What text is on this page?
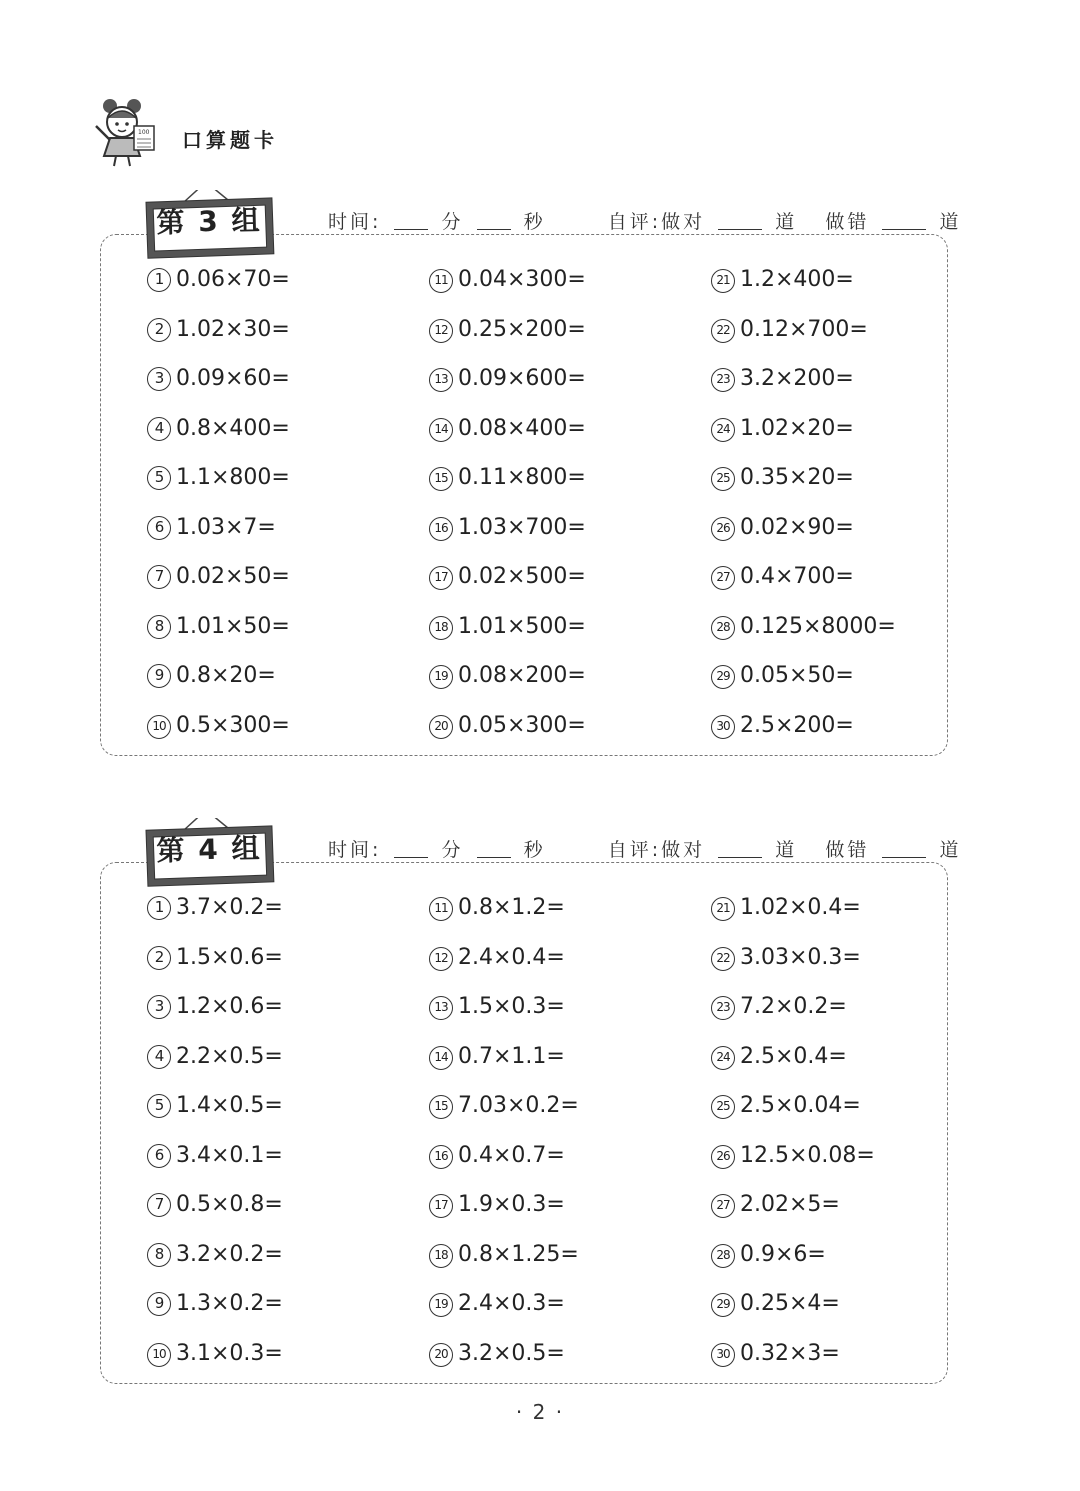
100 口算题卡
1 0.06×70=
2 1.02×30=
3 0.09×60=
4 0.8×400=
5 1.1×800=
6 1.03×7=
7 0.02×50=
8 1.01×50=
9 0.8×20=
10 0.5×300=
11 0.04×300=
12 0.25×200=
13 0.09×600=
14 0.08×400=
15 0.11×800=
16 1.03×700=
17 0.02×500=
18 1.01×500=
19 0.08×200=
20 0.05×300=
21 1.2×400=
22 0.12×700=
23 3.2×200=
24 1.02×20=
25 0.35×20=
26 0.02×90=
27 0.4×700=
28 0.125×8000=
29 0.05×50=
30 2.5×200=
第 3 组	时间:	分	秒	自评:做对	道 做错	道
1 3.7×0.2=
2 1.5×0.6=
3 1.2×0.6=
4 2.2×0.5=
5 1.4×0.5=
6 3.4×0.1=
7 0.5×0.8=
8 3.2×0.2=
9 1.3×0.2=
10 3.1×0.3=
11 0.8×1.2=
12 2.4×0.4=
13 1.5×0.3=
14 0.7×1.1=
15 7.03×0.2=
16 0.4×0.7=
17 1.9×0.3=
18 0.8×1.25=
19 2.4×0.3=
20 3.2×0.5=
21 1.02×0.4=
22 3.03×0.3=
23 7.2×0.2=
24 2.5×0.4=
25 2.5×0.04=
26 12.5×0.08=
27 2.02×5=
28 0.9×6=
29 0.25×4=
30 0.32×3=
第 4 组	时间:	分	秒	自评:做对	道 做错	道
· 2 ·
